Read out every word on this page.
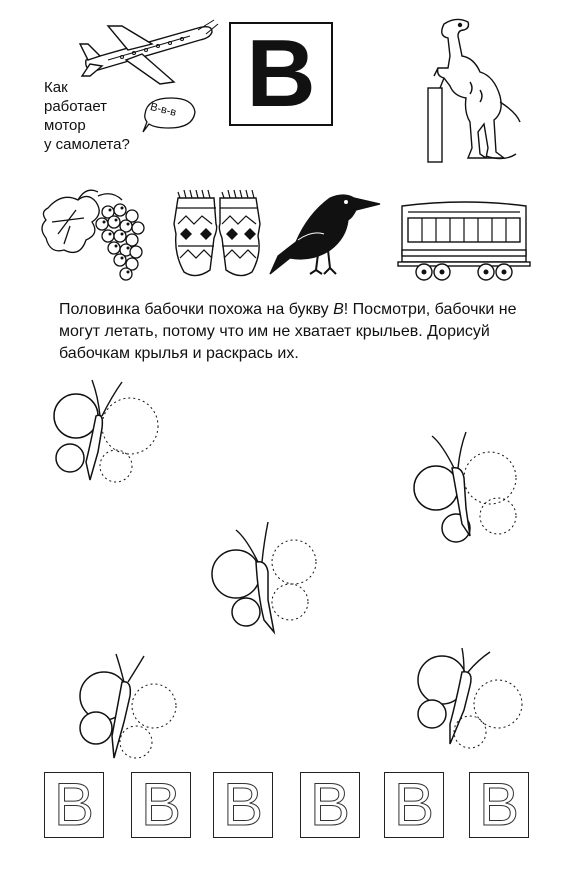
Как
работает
мотор
у самолета?
В-в-в B
Половинка бабочки похожа на букву В! Посмотри, бабочки не могут летать, потому что им не хватает крыльев. Дорисуй бабочкам крылья и раскрась их.
B B B B B B
